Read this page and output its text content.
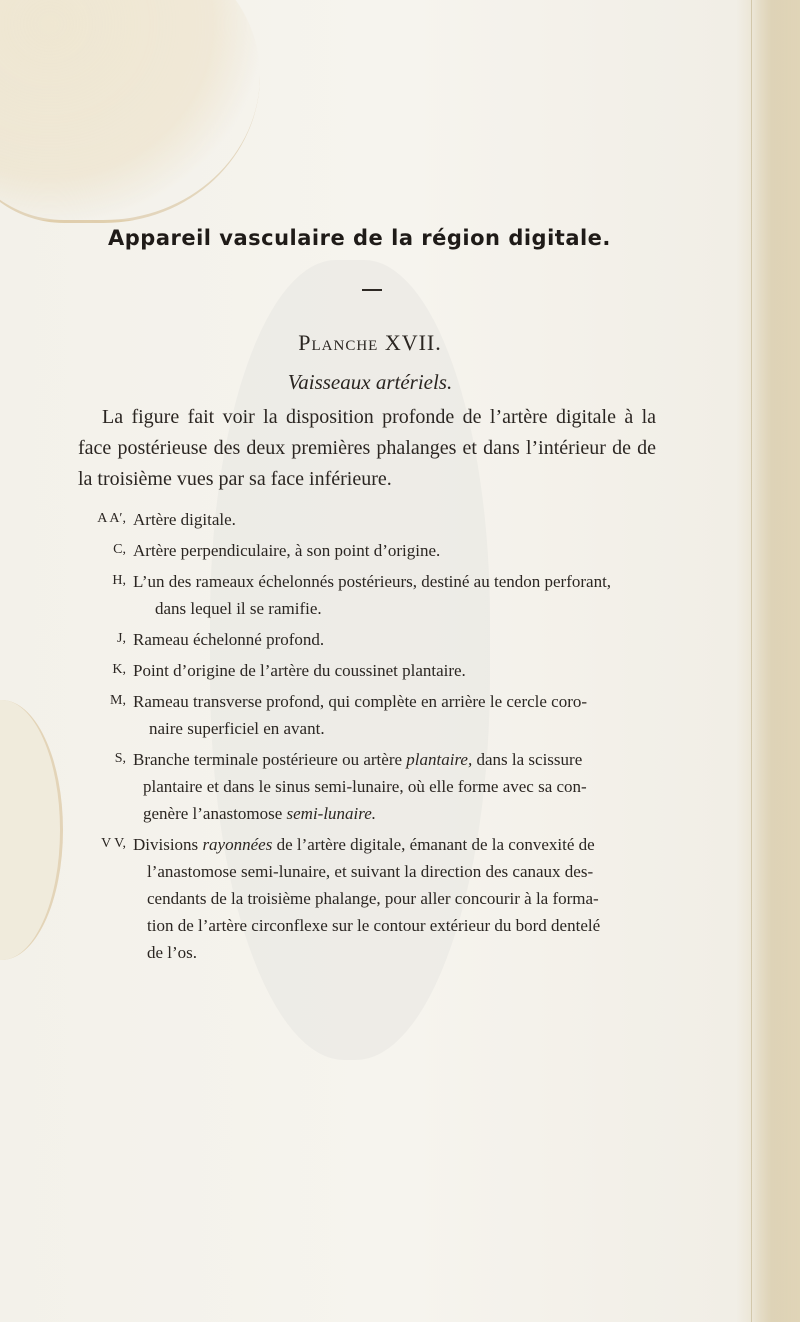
Appareil vasculaire de la région digitale.
Planche XVII.
Vaisseaux artériels.
La figure fait voir la disposition profonde de l’artère digitale à la face postérieuse des deux premières phalanges et dans l’intérieur de de la troisième vues par sa face inférieure.
A A′, Artère digitale.
C, Artère perpendiculaire, à son point d’origine.
H, L’un des rameaux échelonnés postérieurs, destiné au tendon perforant,
dans lequel il se ramifie.
J, Rameau échelonné profond.
K, Point d’origine de l’artère du coussinet plantaire.
M, Rameau transverse profond, qui complète en arrière le cercle coro-
naire superficiel en avant.
S, Branche terminale postérieure ou artère plantaire, dans la scissure
plantaire et dans le sinus semi-lunaire, où elle forme avec sa con-
genère l’anastomose semi-lunaire.
V V, Divisions rayonnées de l’artère digitale, émanant de la convexité de
l’anastomose semi-lunaire, et suivant la direction des canaux des-
cendants de la troisième phalange, pour aller concourir à la forma-
tion de l’artère circonflexe sur le contour extérieur du bord dentelé
de l’os.
